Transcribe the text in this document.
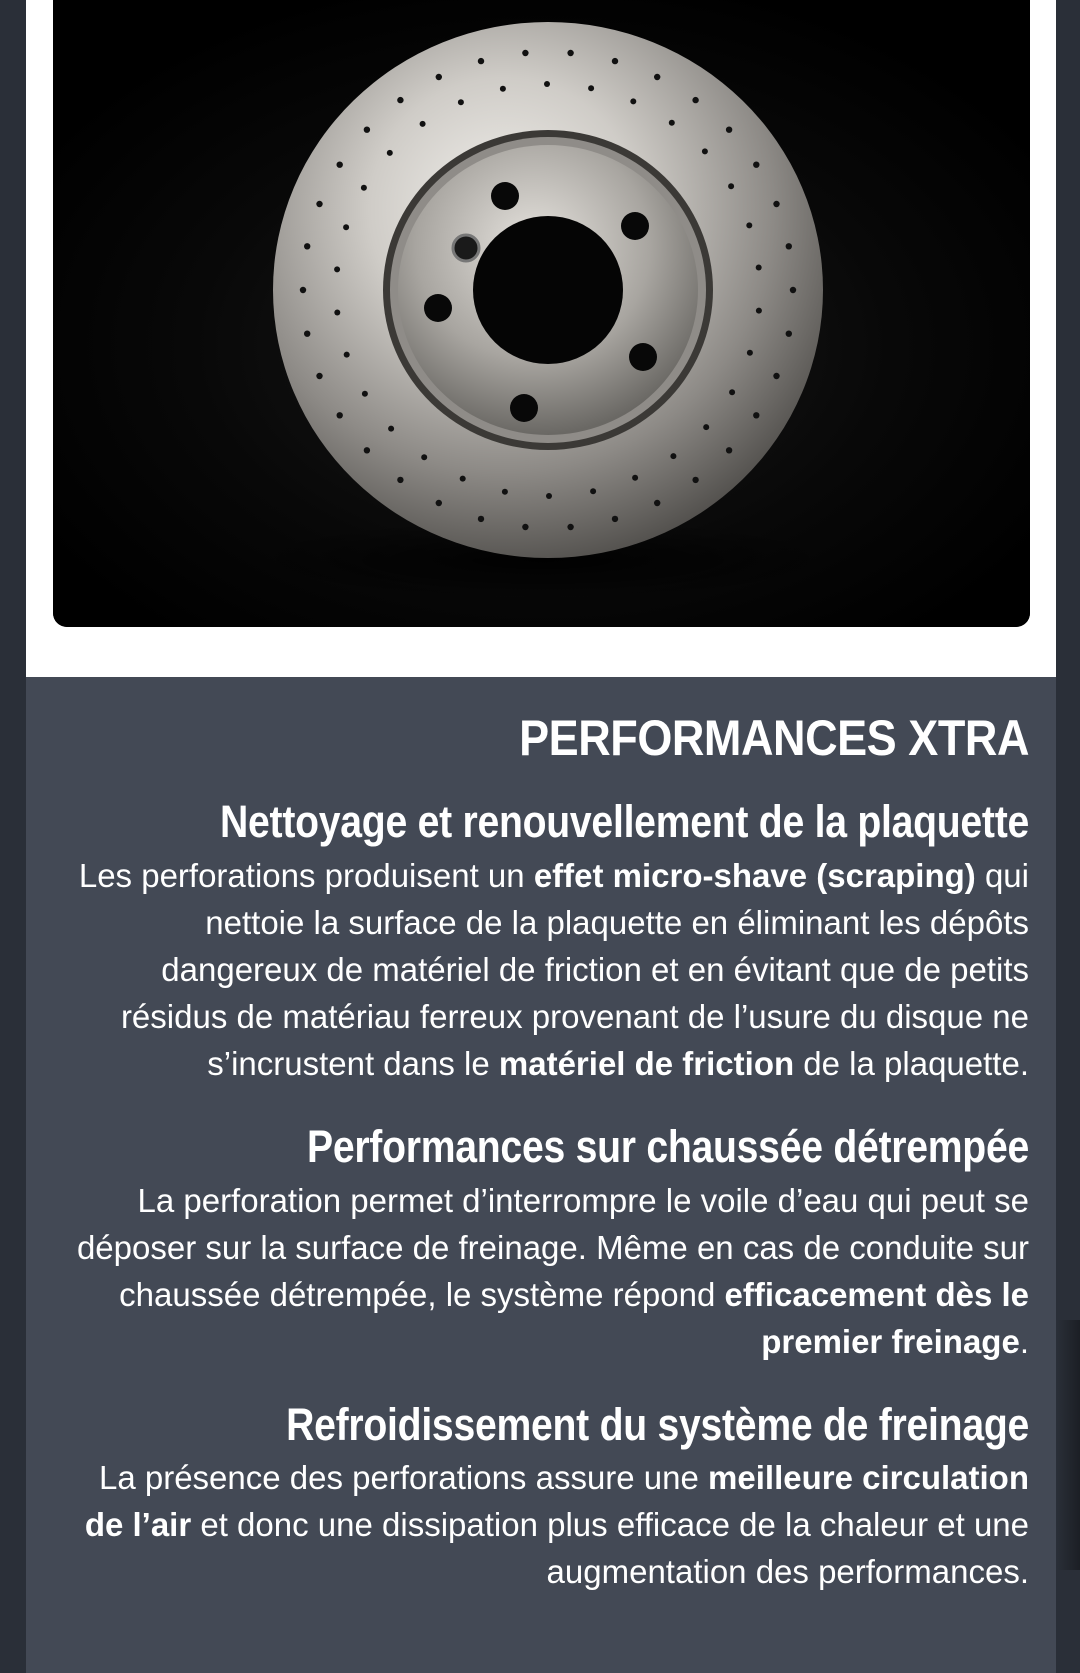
PERFORMANCES XTRA
Nettoyage et renouvellement de la plaquette

Les perforations produisent un effet micro-shave (scraping) qui nettoie la surface de la plaquette en éliminant les dépôts dangereux de matériel de friction et en évitant que de petits résidus de matériau ferreux provenant de l’usure du disque ne s’incrustent dans le matériel de friction de la plaquette.

Performances sur chaussée détrempée

La perforation permet d’interrompre le voile d’eau qui peut se déposer sur la surface de freinage. Même en cas de conduite sur chaussée détrempée, le système répond efficacement dès le premier freinage.

Refroidissement du système de freinage

La présence des perforations assure une meilleure circulation de l’air et donc une dissipation plus efficace de la chaleur et une augmentation des performances.
